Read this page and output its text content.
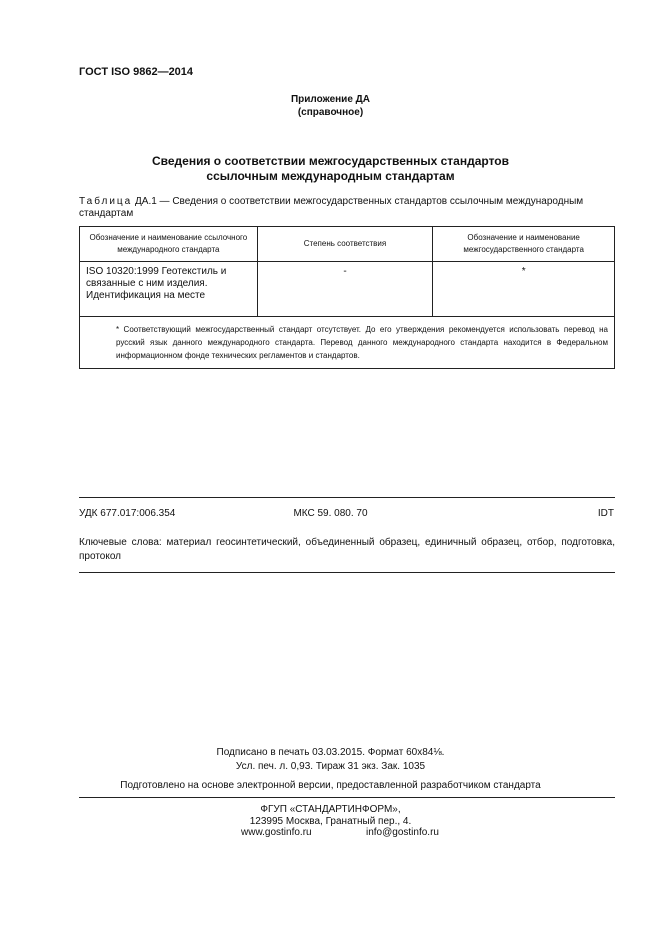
ГОСТ ISO 9862—2014
Приложение ДА
(справочное)
Сведения о соответствии межгосударственных стандартов
ссылочным международным стандартам
Таблица ДА.1 — Сведения о соответствии межгосударственных стандартов ссылочным международным стандартам
Обозначение и наименование ссылочного международного стандарта	Степень соответствия	Обозначение и наименование межгосударственного стандарта
ISO 10320:1999 Геотекстиль и связанные с ним изделия. Идентификация на месте	-	*

* Соответствующий межгосударственный стандарт отсутствует. До его утверждения рекомендуется использовать перевод на русский язык данного международного стандарта. Перевод данного международного стандарта находится в Федеральном информационном фонде технических регламентов и стандартов.		
УДК 677.017:006.354	МКС 59. 080. 70	IDT
Ключевые слова: материал геосинтетический, объединенный образец, единичный образец, отбор, подготовка, протокол
Подписано в печать 03.03.2015. Формат 60x84⅛.
Усл. печ. л. 0,93. Тираж 31 экз. Зак. 1035
Подготовлено на основе электронной версии, предоставленной разработчиком стандарта
ФГУП «СТАНДАРТИНФОРМ»,
123995 Москва, Гранатный пер., 4.
www.gostinfo.ru	info@gostinfo.ru
